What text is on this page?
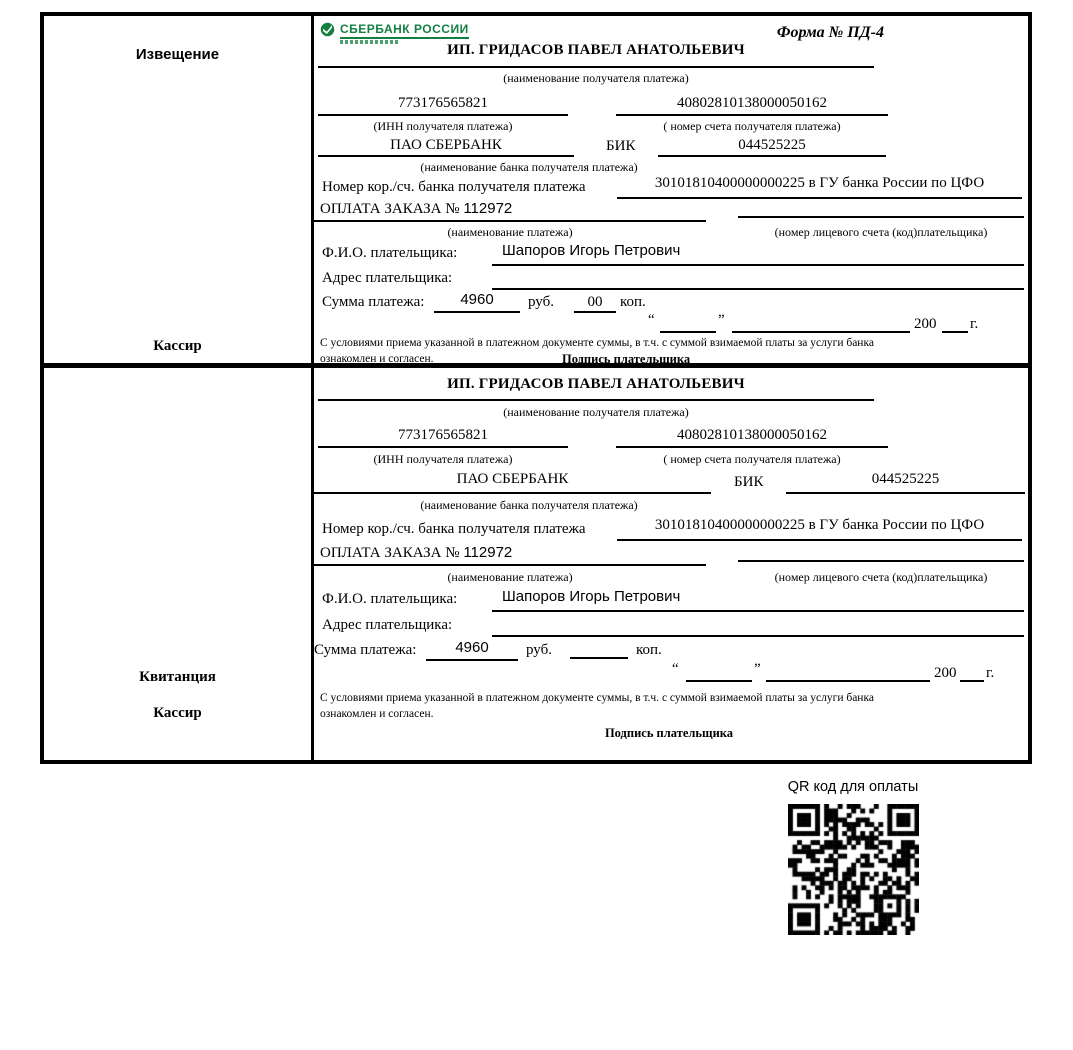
Извещение
Кассир
СБЕРБАНК РОССИИ	Форма № ПД-4
ИП. ГРИДАСОВ ПАВЕЛ АНАТОЛЬЕВИЧ
(наименование получателя платежа)
773176565821	40802810138000050162
(ИНН получателя платежа)	( номер счета получателя платежа)
ПАО СБЕРБАНК	БИК	044525225
(наименование банка получателя платежа)
Номер кор./сч. банка получателя платежа	30101810400000000225 в ГУ банка России по ЦФО
ОПЛАТА ЗАКАЗА № 112972
(наименование платежа)	(номер лицевого счета (код)плательщика)
Ф.И.О. плательщика:	Шапоров Игорь Петрович
Адрес плательщика:
Сумма платежа:	4960	руб.	00	коп.
“	”	200 г.
С условиями приема указанной в платежном документе суммы, в т.ч. с суммой взимаемой платы за услуги банка
ознакомлен и согласен.	Подпись плательщика
Квитанция
Кассир
ИП. ГРИДАСОВ ПАВЕЛ АНАТОЛЬЕВИЧ
(наименование получателя платежа)
773176565821	40802810138000050162
(ИНН получателя платежа)	( номер счета получателя платежа)
ПАО СБЕРБАНК	БИК	044525225
(наименование банка получателя платежа)
Номер кор./сч. банка получателя платежа	30101810400000000225 в ГУ банка России по ЦФО
ОПЛАТА ЗАКАЗА № 112972
(наименование платежа)	(номер лицевого счета (код)плательщика)
Ф.И.О. плательщика:	Шапоров Игорь Петрович
Адрес плательщика:
Сумма платежа:	4960	руб.	коп.
“	”	200 г.
С условиями приема указанной в платежном документе суммы, в т.ч. с суммой взимаемой платы за услуги банка
ознакомлен и согласен.
Подпись плательщика
QR код для оплаты
